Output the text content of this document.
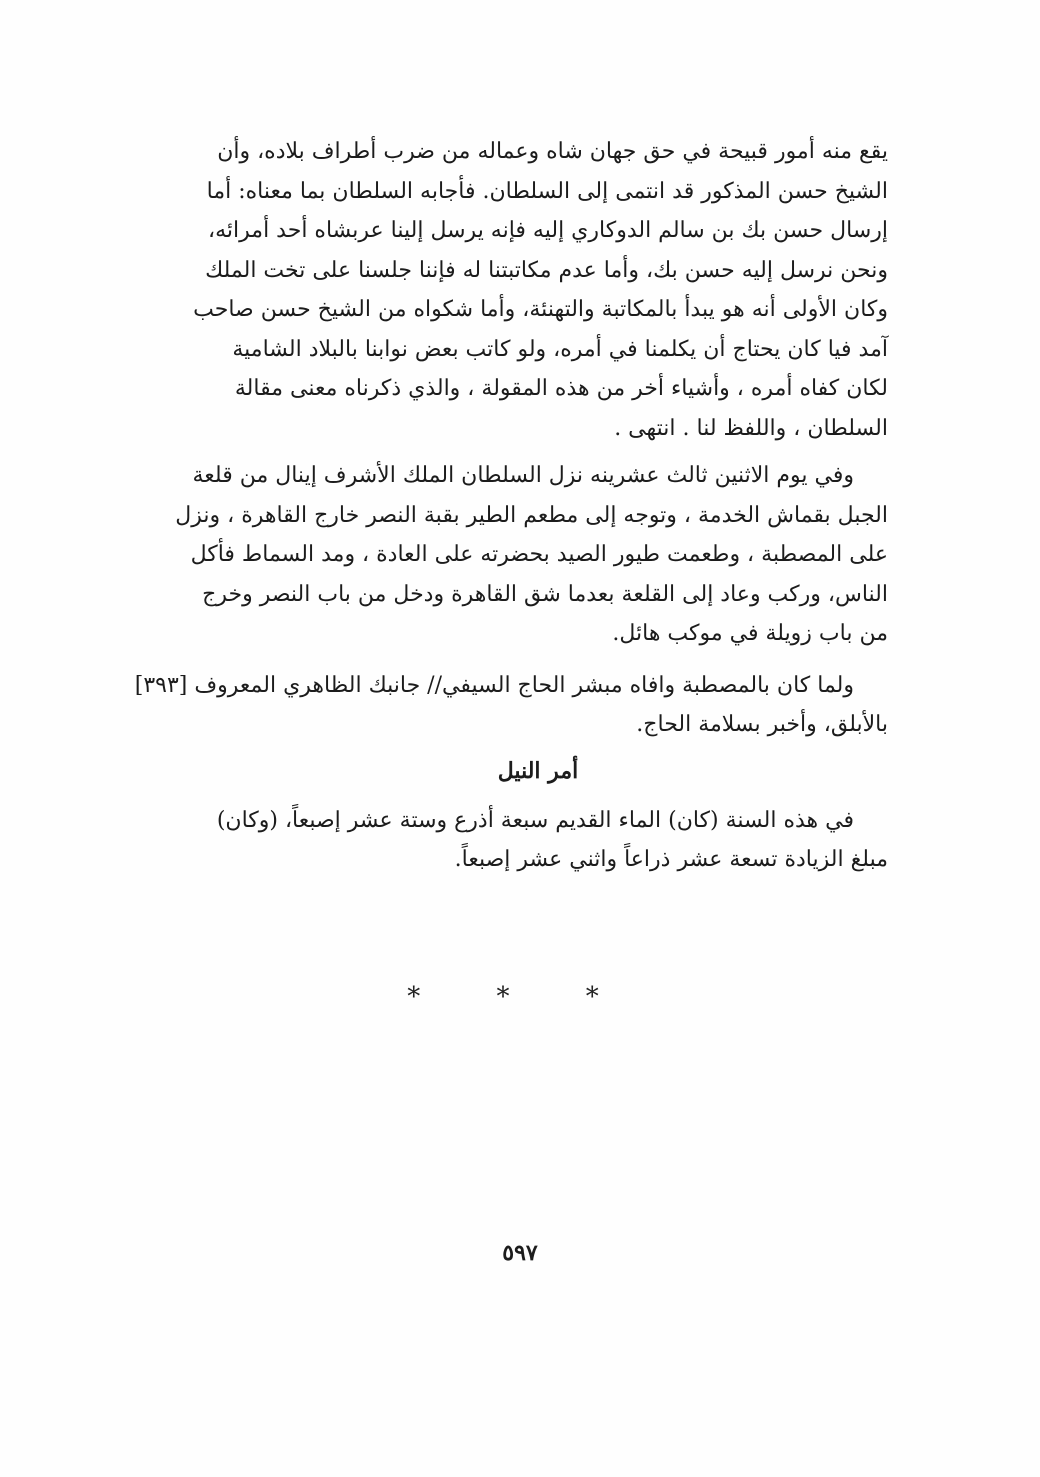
يقع منه أمور قبيحة في حق جهان شاه وعماله من ضرب أطراف بلاده، وأن
الشيخ حسن المذكور قد انتمى إلى السلطان. فأجابه السلطان بما معناه: أما
إرسال حسن بك بن سالم الدوكاري إليه فإنه يرسل إلينا عربشاه أحد أمرائه،
ونحن نرسل إليه حسن بك، وأما عدم مكاتبتنا له فإننا جلسنا على تخت الملك
وكان الأولى أنه هو يبدأ بالمكاتبة والتهنئة، وأما شكواه من الشيخ حسن صاحب
آمد فيا كان يحتاج أن يكلمنا في أمره، ولو كاتب بعض نوابنا بالبلاد الشامية
لكان كفاه أمره ، وأشياء أخر من هذه المقولة ، والذي ذكرناه معنى مقالة
السلطان ، واللفظ لنا . انتهى .
وفي يوم الاثنين ثالث عشرينه نزل السلطان الملك الأشرف إينال من قلعة
الجبل بقماش الخدمة ، وتوجه إلى مطعم الطير بقبة النصر خارج القاهرة ، ونزل
على المصطبة ، وطعمت طيور الصيد بحضرته على العادة ، ومد السماط فأكل
الناس، وركب وعاد إلى القلعة بعدما شق القاهرة ودخل من باب النصر وخرج
من باب زويلة في موكب هائل.
ولما كان بالمصطبة وافاه مبشر الحاج السيفي// جانبك الظاهري المعروف [٣٩٣]
بالأبلق، وأخبر بسلامة الحاج.
أمر النيل
في هذه السنة (كان) الماء القديم سبعة أذرع وستة عشر إصبعاً، (وكان)
مبلغ الزيادة تسعة عشر ذراعاً واثني عشر إصبعاً.
* * *
٥٩٧
